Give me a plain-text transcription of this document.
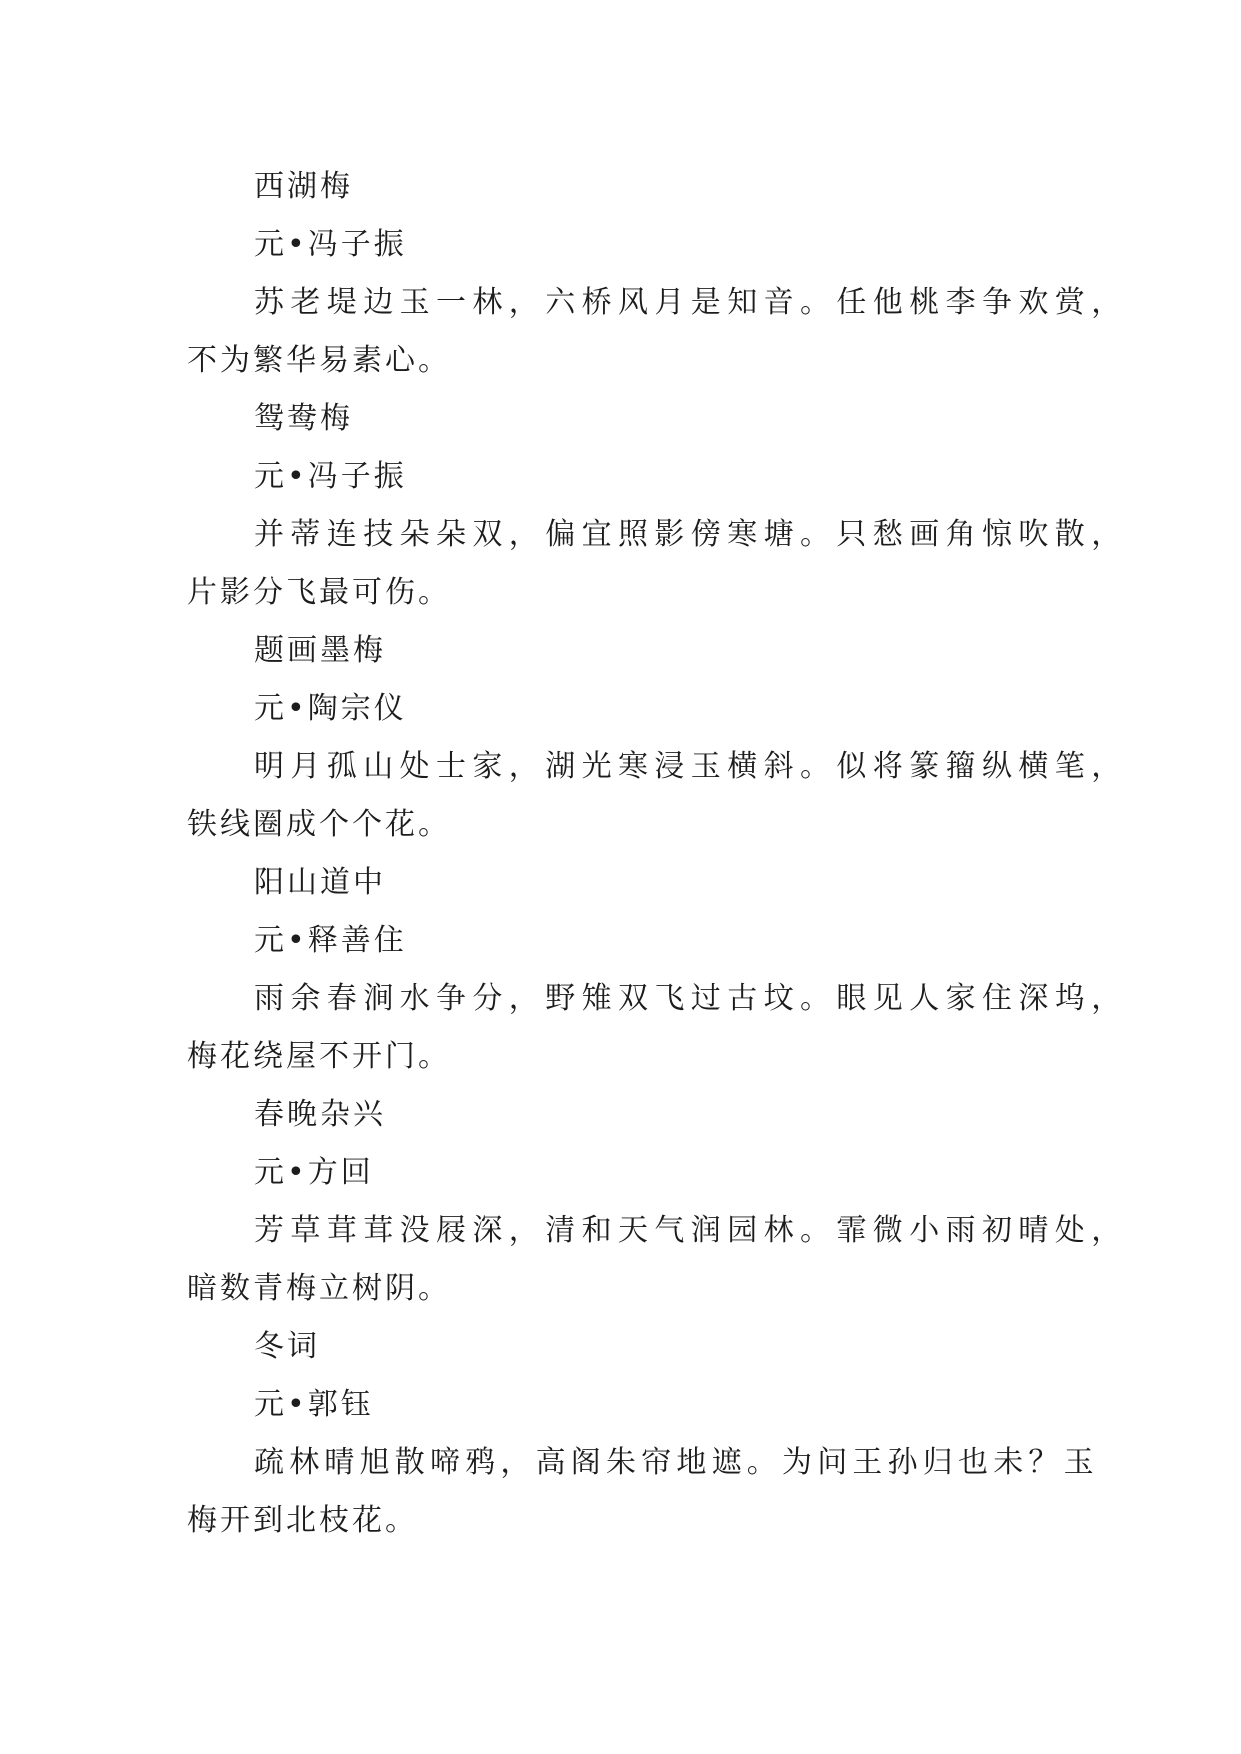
西湖梅
元•冯子振
苏老堤边玉一林，六桥风月是知音。任他桃李争欢赏，
不为繁华易素心。
鸳鸯梅
元•冯子振
并蒂连技朵朵双，偏宜照影傍寒塘。只愁画角惊吹散，
片影分飞最可伤。
题画墨梅
元•陶宗仪
明月孤山处士家，湖光寒浸玉横斜。似将篆籀纵横笔，
铁线圈成个个花。
阳山道中
元•释善住
雨余春涧水争分，野雉双飞过古坟。眼见人家住深坞，
梅花绕屋不开门。
春晚杂兴
元•方回
芳草茸茸没屐深，清和天气润园林。霏微小雨初晴处，
暗数青梅立树阴。
冬词
元•郭钰
疏林晴旭散啼鸦，高阁朱帘地遮。为问王孙归也未？玉
梅开到北枝花。
